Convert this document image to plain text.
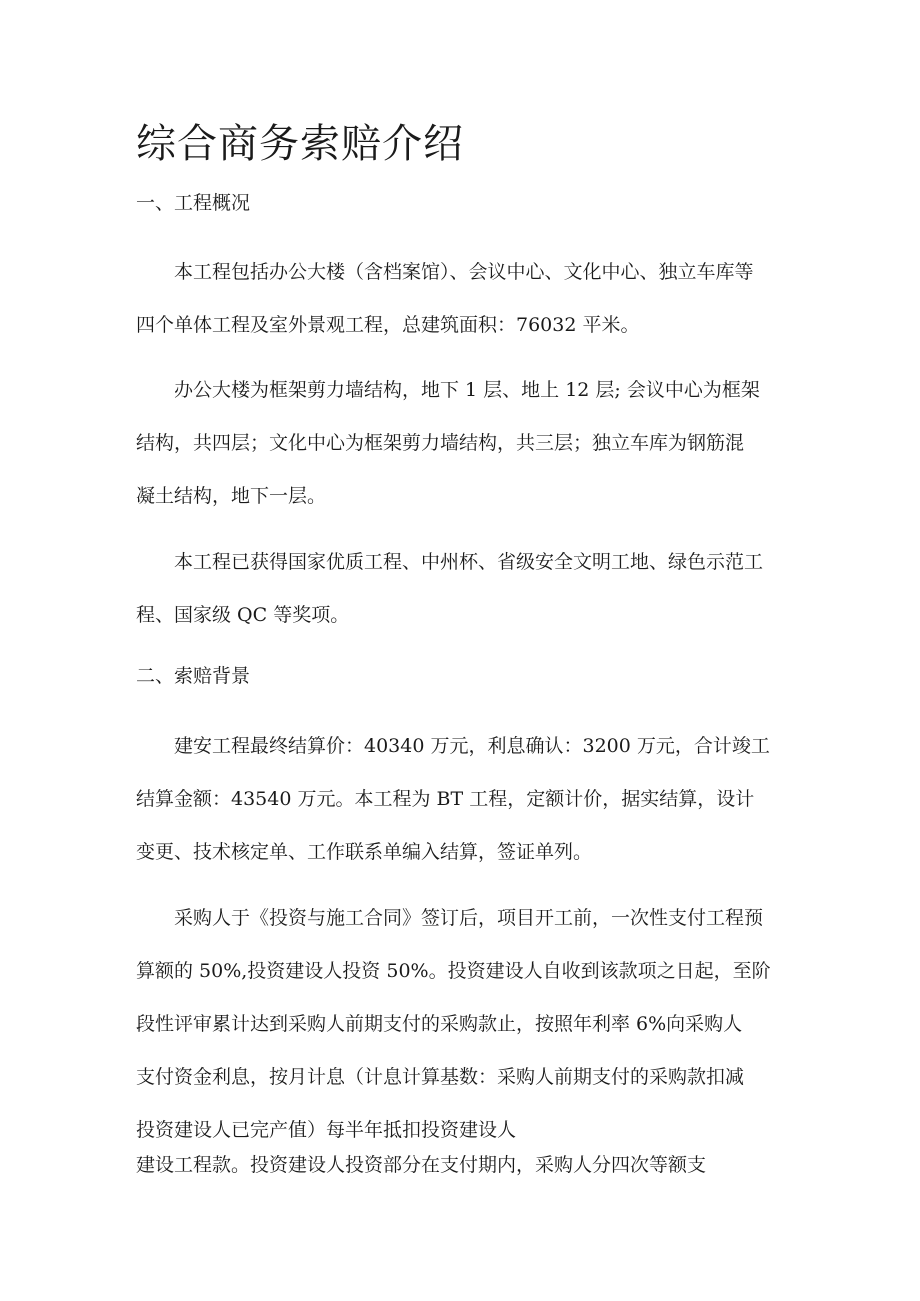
综合商务索赔介绍
一、工程概况

本工程包括办公大楼（含档案馆）、会议中心、文化中心、独立车库等
四个单体工程及室外景观工程，总建筑面积：76032 平米。

办公大楼为框架剪力墙结构，地下 1 层、地上 12 层; 会议中心为框架
结构，共四层；文化中心为框架剪力墙结构，共三层；独立车库为钢筋混
凝土结构，地下一层。

本工程已获得国家优质工程、中州杯、省级安全文明工地、绿色示范工
程、国家级 QC 等奖项。

二、索赔背景

建安工程最终结算价：40340 万元，利息确认：3200 万元，合计竣工
结算金额：43540 万元。本工程为 BT 工程，定额计价，据实结算，设计
变更、技术核定单、工作联系单编入结算，签证单列。

采购人于《投资与施工合同》签订后，项目开工前，一次性支付工程预
算额的 50%,投资建设人投资 50%。投资建设人自收到该款项之日起，至阶
段性评审累计达到采购人前期支付的采购款止，按照年利率 6%向采购人
支付资金利息，按月计息（计息计算基数：采购人前期支付的采购款扣减
投资建设人已完产值）每半年抵扣投资建设人

建设工程款。投资建设人投资部分在支付期内，采购人分四次等额支
